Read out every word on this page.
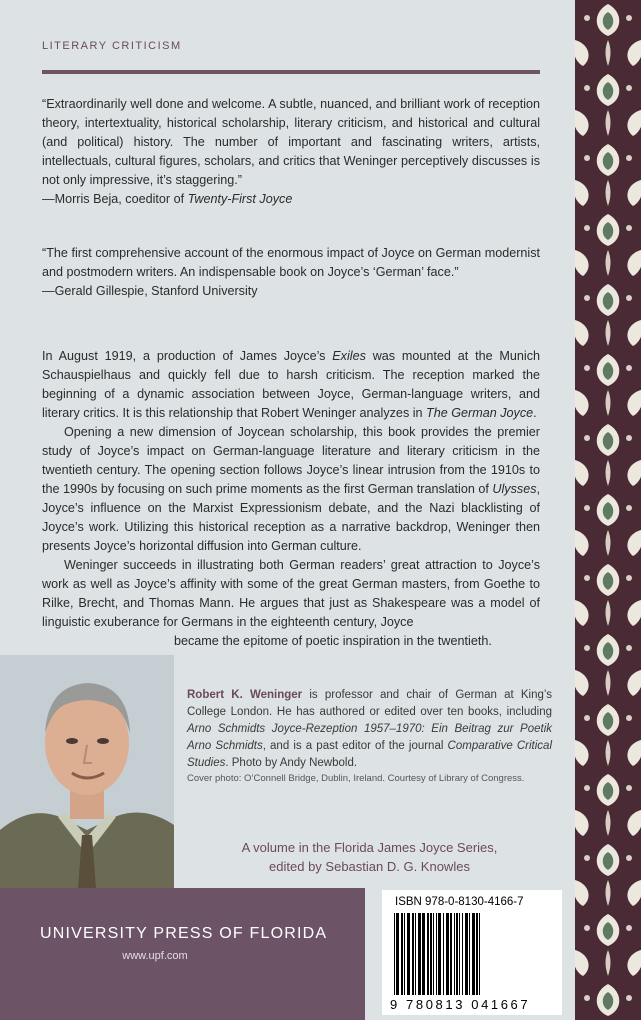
LITERARY CRITICISM

“Extraordinarily well done and welcome. A subtle, nuanced, and brilliant work of reception theory, intertextuality, historical scholarship, literary criticism, and historical and cultural (and political) history. The number of important and fascinating writers, artists, intellectuals, cultural figures, scholars, and critics that Weninger perceptively discusses is not only impressive, it’s staggering.”

—Morris Beja, coeditor of Twenty-First Joyce

“The first comprehensive account of the enormous impact of Joyce on German modernist and postmodern writers. An indispensable book on Joyce’s ‘German’ face.”

—Gerald Gillespie, Stanford University

In August 1919, a production of James Joyce’s Exiles was mounted at the Munich Schauspielhaus and quickly fell due to harsh criticism. The reception marked the beginning of a dynamic association between Joyce, German-language writers, and literary critics. It is this relationship that Robert Weninger analyzes in The German Joyce.

Opening a new dimension of Joycean scholarship, this book provides the premier study of Joyce’s impact on German-language literature and literary criticism in the twentieth century. The opening section follows Joyce’s linear intrusion from the 1910s to the 1990s by focusing on such prime moments as the first German translation of Ulysses, Joyce’s influence on the Marxist Expressionism debate, and the Nazi blacklisting of Joyce’s work. Utilizing this historical reception as a narrative backdrop, Weninger then presents Joyce’s horizontal diffusion into German culture.

Weninger succeeds in illustrating both German readers’ great attraction to Joyce’s work as well as Joyce’s affinity with some of the great German masters, from Goethe to Rilke, Brecht, and Thomas Mann. He argues that just as Shakespeare was a model of linguistic exuberance for Germans in the eighteenth century, Joyce

became the epitome of poetic inspiration in the twentieth.

Robert K. Weninger is professor and chair of German at King’s College London. He has authored or edited over ten books, including Arno Schmidts Joyce-Rezeption 1957–1970: Ein Beitrag zur Poetik Arno Schmidts, and is a past editor of the journal Comparative Critical Studies. Photo by Andy Newbold.

Cover photo: O’Connell Bridge, Dublin, Ireland. Courtesy of Library of Congress.
A volume in the Florida James Joyce Series,
edited by Sebastian D. G. Knowles
UNIVERSITY PRESS OF FLORIDA
www.upf.com
ISBN 978-0-8130-4166-7
9 780813 041667
